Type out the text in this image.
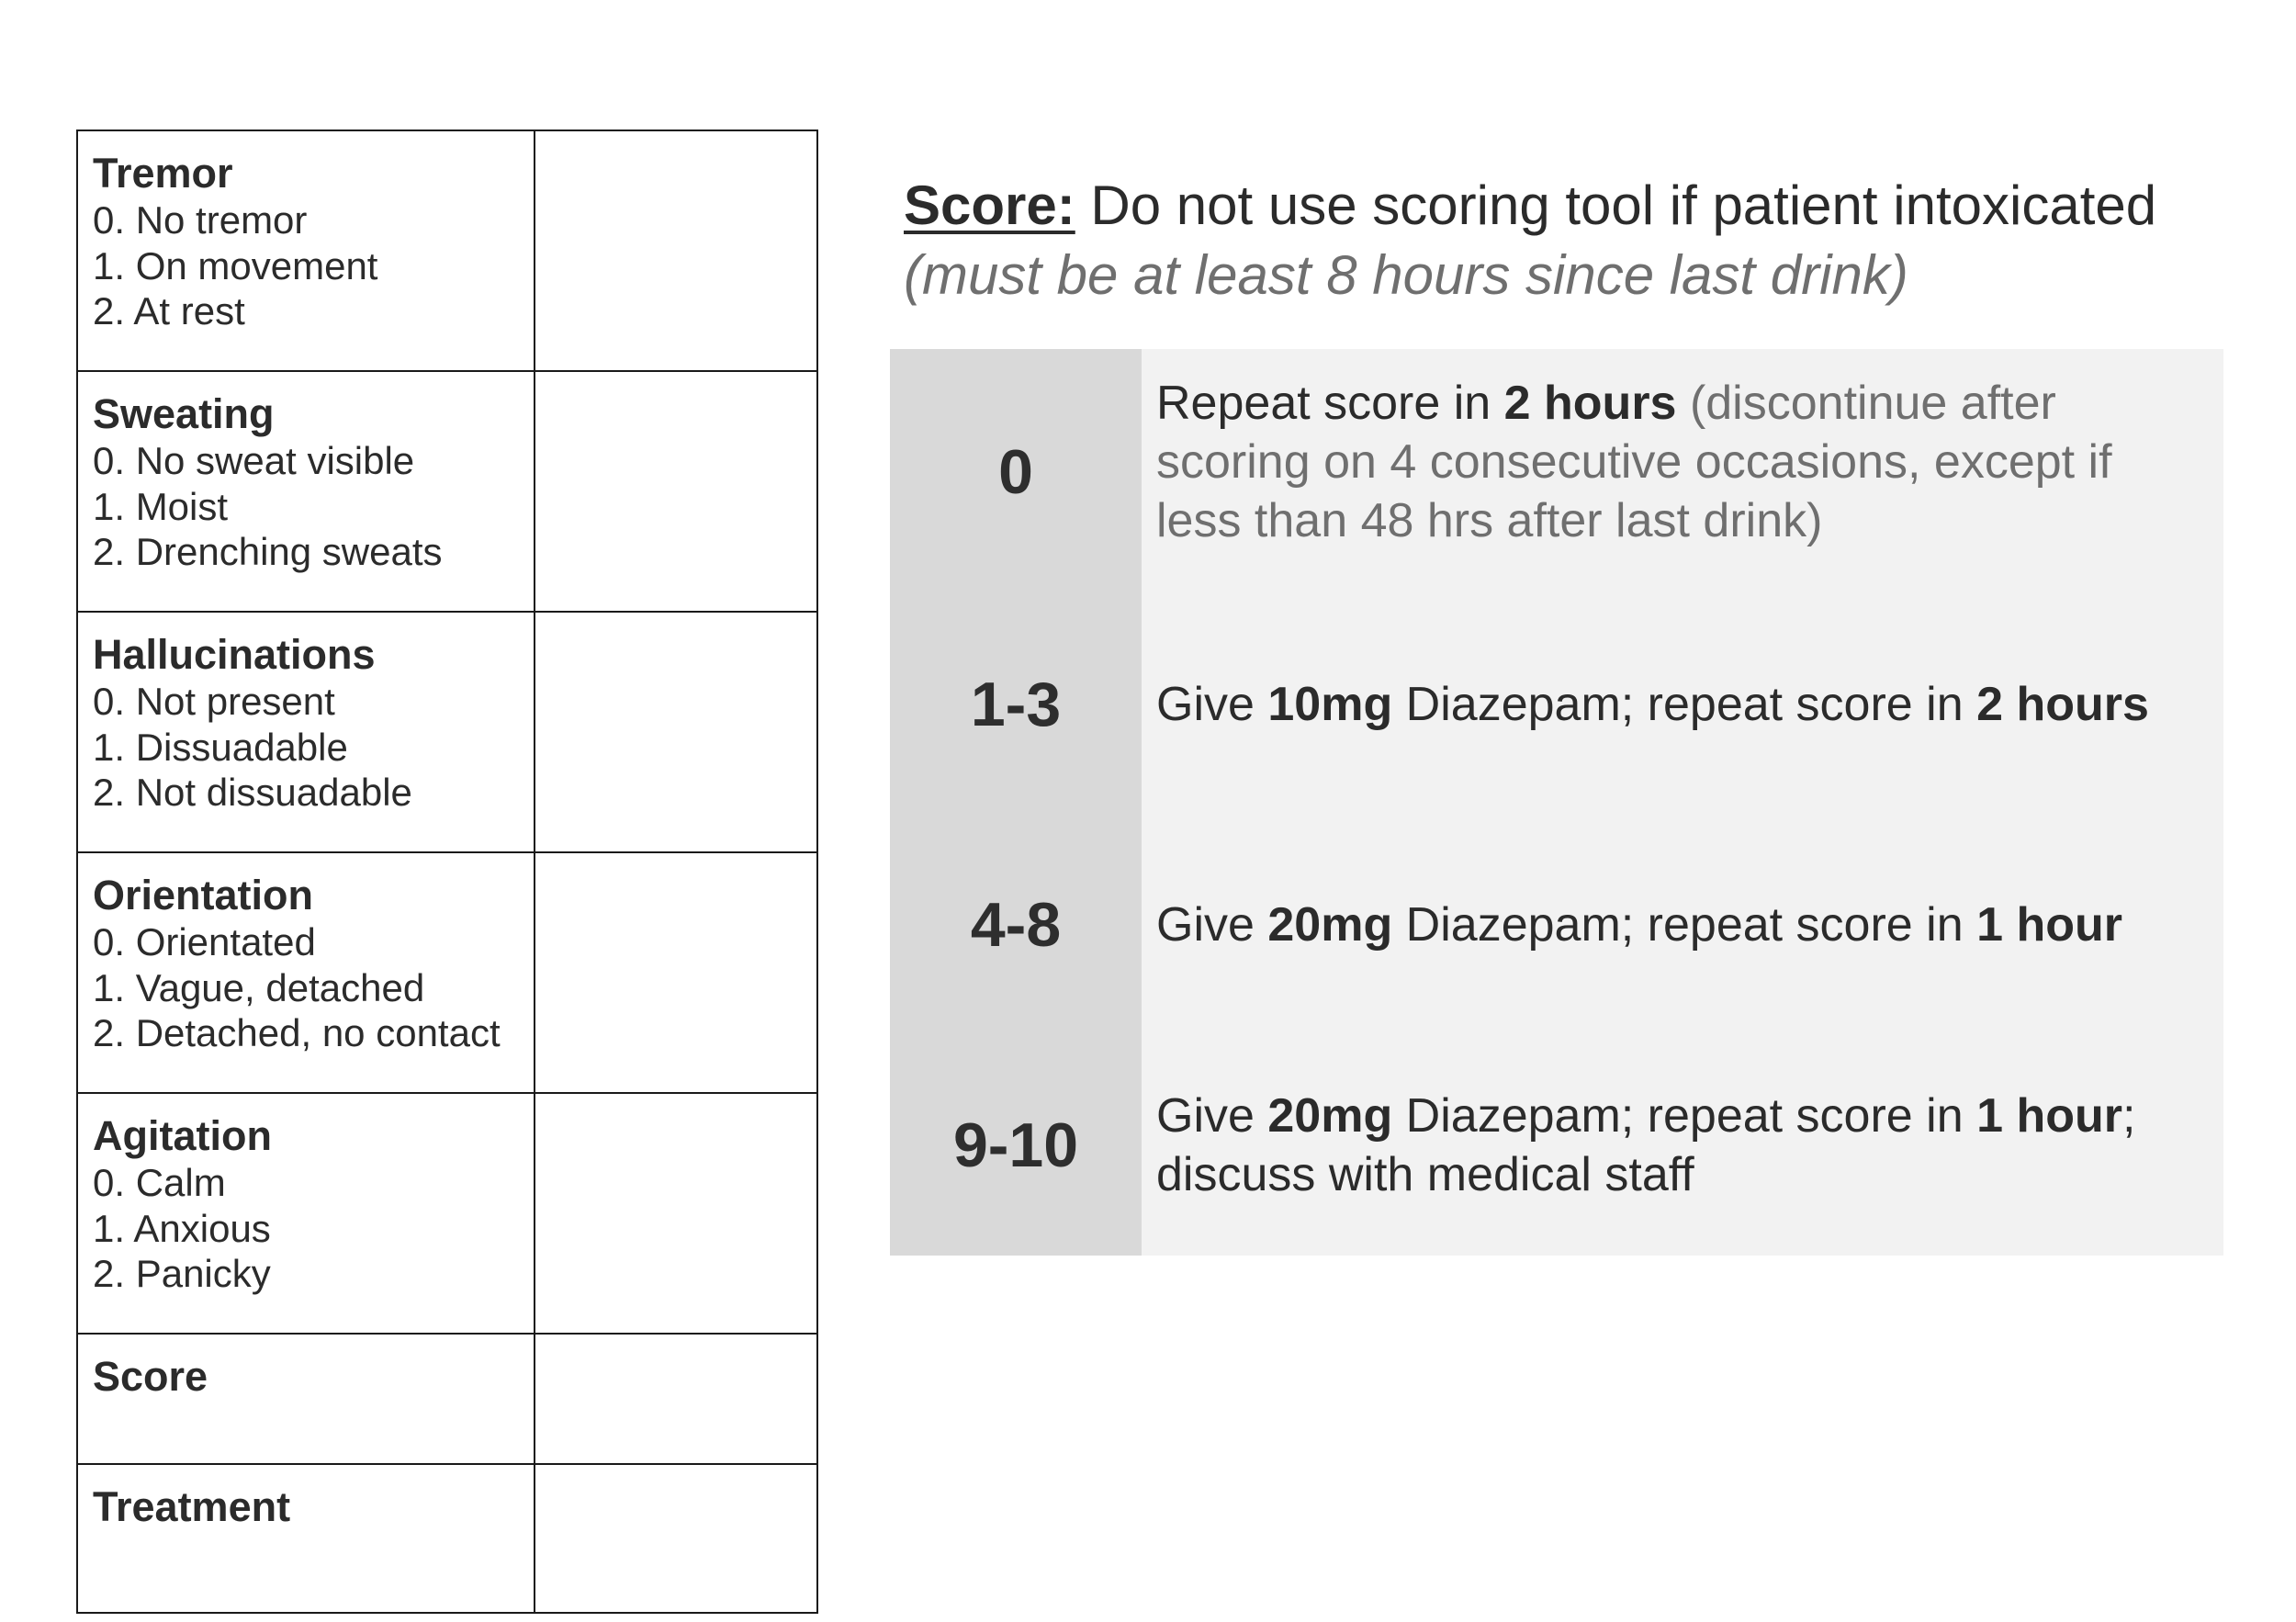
Tremor
0. No tremor
1. On movement
2. At rest	

Sweating
0. No sweat visible
1. Moist
2. Drenching sweats	

Hallucinations
0. Not present
1. Dissuadable
2. Not dissuadable	

Orientation
0. Orientated
1. Vague, detached
2. Detached, no contact	

Agitation
0. Calm
1. Anxious
2. Panicky	

Score	

Treatment	

Score: Do not use scoring tool if patient intoxicated (must be at least 8 hours since last drink)
0	Repeat score in 2 hours (discontinue after scoring on 4 consecutive occasions, except if less than 48 hrs after last drink)
1-3	Give 10mg Diazepam; repeat score in 2 hours
4-8	Give 20mg Diazepam; repeat score in 1 hour
9-10	Give 20mg Diazepam; repeat score in 1 hour; discuss with medical staff
